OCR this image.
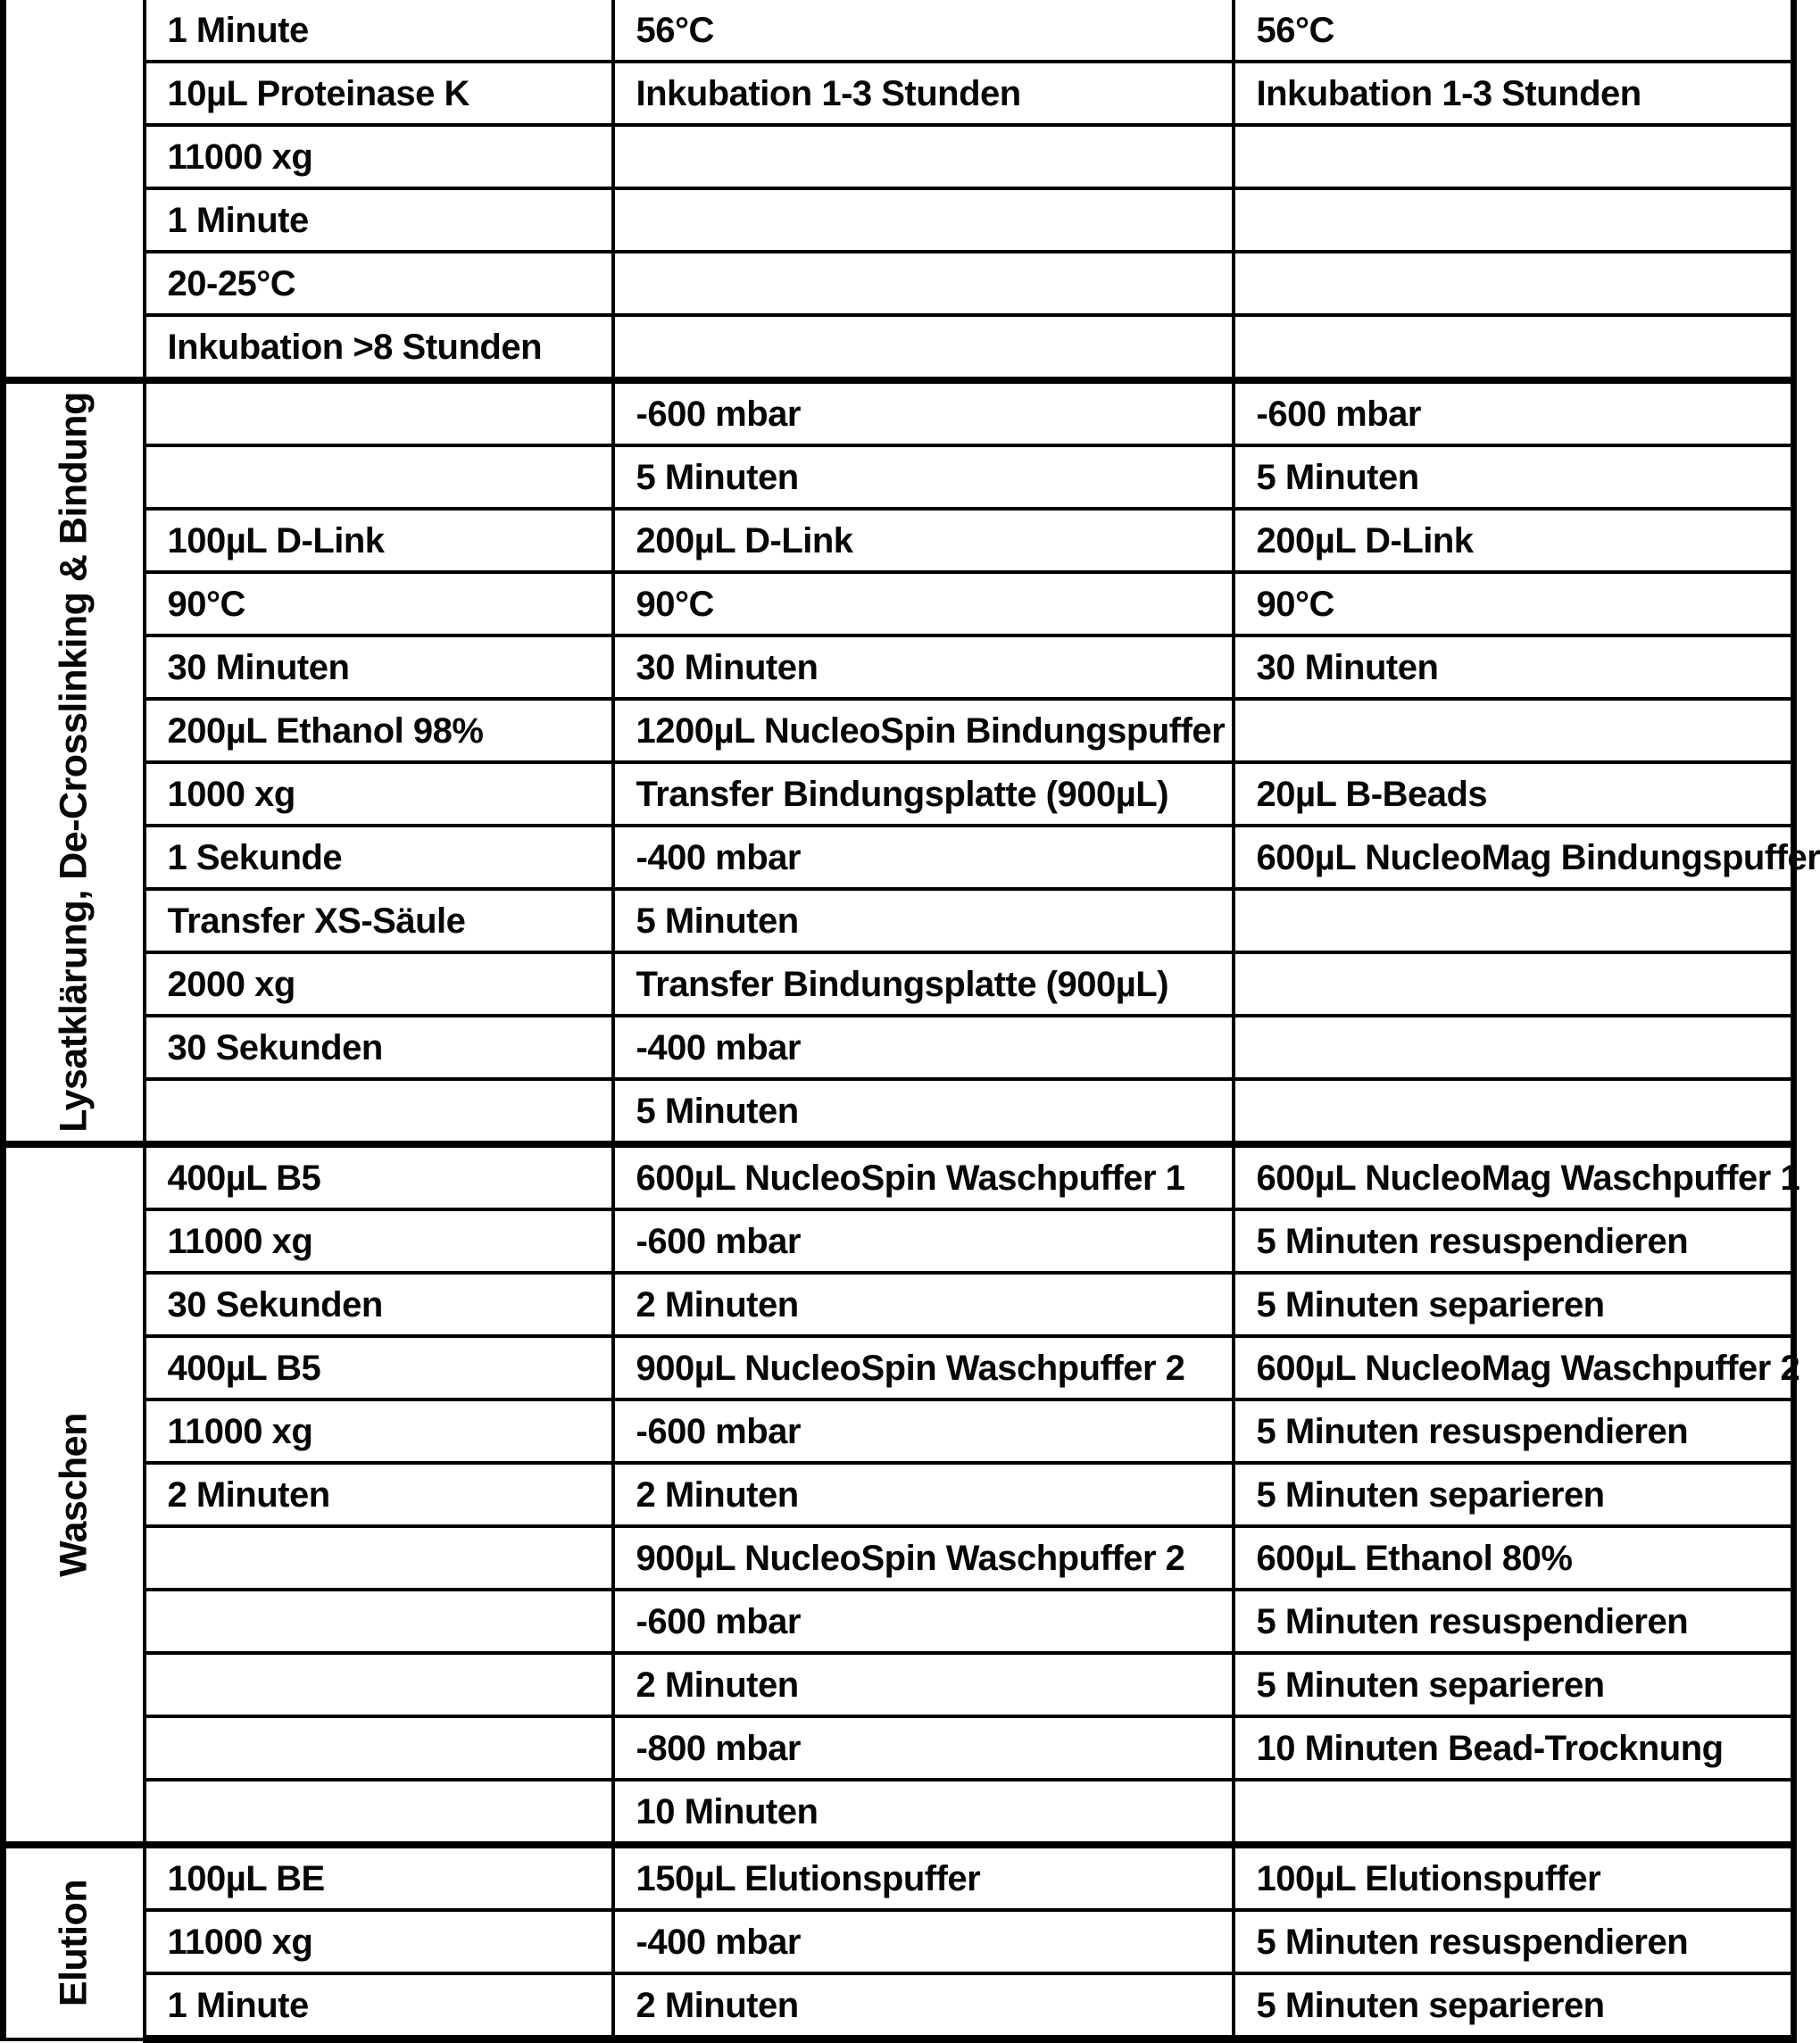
	1 Minute	56°C	56°C
	10µL Proteinase K	Inkubation 1-3 Stunden	Inkubation 1-3 Stunden
	11000 xg		
	1 Minute		
	20-25°C		
	Inkubation >8 Stunden		

Lysatklärung, De-Crosslinking & Bindung		-600 mbar	-600 mbar
		5 Minuten	5 Minuten
	100µL D-Link	200µL D-Link	200µL D-Link
	90°C	90°C	90°C
	30 Minuten	30 Minuten	30 Minuten
	200µL Ethanol 98%	1200µL NucleoSpin Bindungspuffer	
	1000 xg	Transfer Bindungsplatte (900µL)	20µL B-Beads
	1 Sekunde	-400 mbar	600µL NucleoMag Bindungspuffer
	Transfer XS-Säule	5 Minuten	
	2000 xg	Transfer Bindungsplatte (900µL)	
	30 Sekunden	-400 mbar	
		5 Minuten	

Waschen	400µL B5	600µL NucleoSpin Waschpuffer 1	600µL NucleoMag Waschpuffer 1
	11000 xg	-600 mbar	5 Minuten resuspendieren
	30 Sekunden	2 Minuten	5 Minuten separieren
	400µL B5	900µL NucleoSpin Waschpuffer 2	600µL NucleoMag Waschpuffer 2
	11000 xg	-600 mbar	5 Minuten resuspendieren
	2 Minuten	2 Minuten	5 Minuten separieren
		900µL NucleoSpin Waschpuffer 2	600µL Ethanol 80%
		-600 mbar	5 Minuten resuspendieren
		2 Minuten	5 Minuten separieren
		-800 mbar	10 Minuten Bead-Trocknung
		10 Minuten	

Elution	100µL BE	150µL Elutionspuffer	100µL Elutionspuffer
	11000 xg	-400 mbar	5 Minuten resuspendieren
	1 Minute	2 Minuten	5 Minuten separieren
